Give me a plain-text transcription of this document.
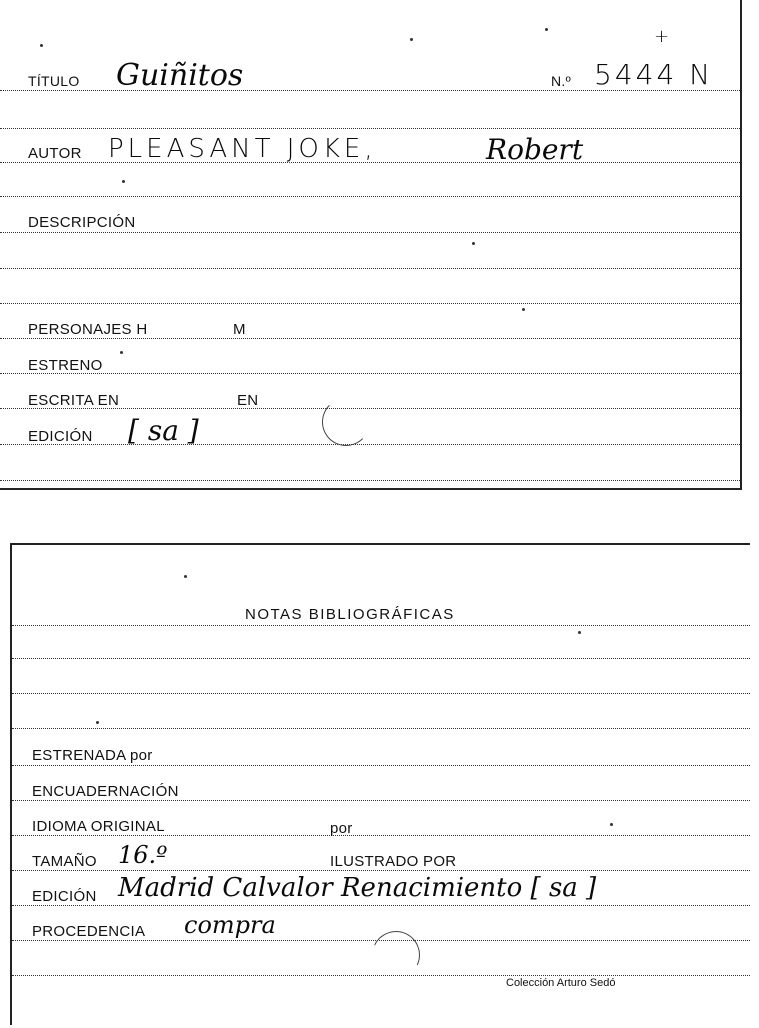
TÍTULO Guiñitos	N.º 5444 N
+
AUTOR PLEASANT JOKE,	Robert
DESCRIPCIÓN
PERSONAJES H	M
ESTRENO
ESCRITA EN	EN
EDICIÓN [ sa ]
NOTAS BIBLIOGRÁFICAS
ESTRENADA por
ENCUADERNACIÓN
IDIOMA ORIGINAL	por
TAMAÑO 16.º	ILUSTRADO POR
EDICIÓN Madrid Calvalor Renacimiento [ sa ]
PROCEDENCIA compra
Colección Arturo Sedó
